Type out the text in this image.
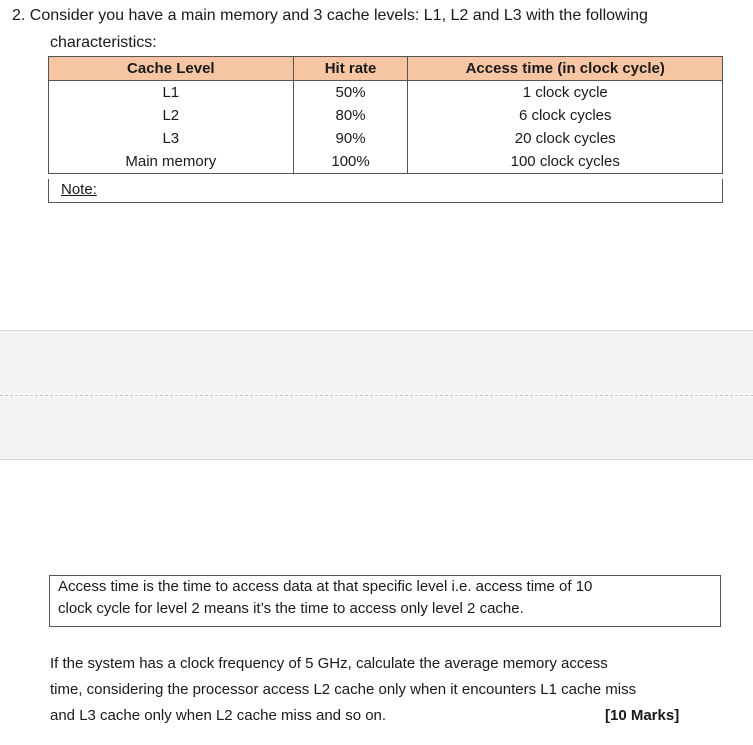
2. Consider you have a main memory and 3 cache levels: L1, L2 and L3 with the following
characteristics:
Cache Level	Hit rate	Access time (in clock cycle)
L1	50%	1 clock cycle
L2	80%	6 clock cycles
L3	90%	20 clock cycles
Main memory	100%	100 clock cycles
Note:
Access time is the time to access data at that specific level i.e. access time of 10
clock cycle for level 2 means it’s the time to access only level 2 cache.
If the system has a clock frequency of 5 GHz, calculate the average memory access
time, considering the processor access L2 cache only when it encounters L1 cache miss
and L3 cache only when L2 cache miss and so on.	[10 Marks]
